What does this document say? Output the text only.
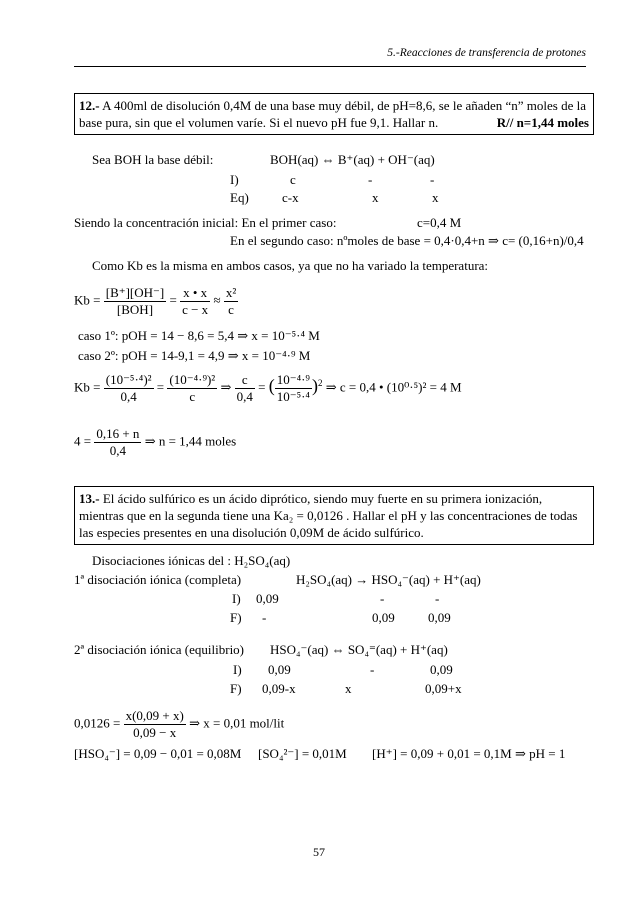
5.-Reacciones de transferencia de protones
12.- A 400ml de disolución 0,4M de una base muy débil, de pH=8,6, se le añaden “n” moles de la base pura, sin que el volumen varíe. Si el nuevo pH fue 9,1. Hallar n.	R// n=1,44 moles
Sea BOH la base débil:	BOH(aq) ⇔ B⁺(aq) + OH⁻(aq)
I)	c	-	-
Eq)	c-x	x	x
Siendo la concentración inicial: En el primer caso:	c=0,4 M
En el segundo caso: nºmoles de base = 0,4·0,4+n ⇒ c= (0,16+n)/0,4
Como Kb es la misma en ambos casos, ya que no ha variado la temperatura:
$Kb = \frac{[B^+][OH^-]}{\text{[BOH]}} = \frac{x • x}{c - x} \approx \frac{\text{x²}}{c}$
caso 1º: pOH = 14 − 8,6 = 5,4 ⇒ x = 10⁻⁵·⁴ M
caso 2º: pOH = 14-9,1 = 4,9 ⇒ x = 10⁻⁴·⁹ M
$Kb = \frac{\text{(10⁻⁵·⁴)²}}{0,4} = \frac{\text{(10⁻⁴·⁹)²}}{c}$ ⇒ $\frac{c}{0,4}$ = ( $\frac{\text{10⁻⁴·⁹}}{\text{10⁻⁵·⁴}} )^2$ ⇒ c = 0,4 • (10⁰·⁵)² = 4 M
$4 = \frac{0,16 + n}{0,4}$ ⇒ n = 1,44 moles
13.- El ácido sulfúrico es un ácido diprótico, siendo muy fuerte en su primera ionización, mientras que en la segunda tiene una Ka₂ = 0,0126 . Hallar el pH y las concentraciones de todas las especies presentes en una disolución 0,09M de ácido sulfúrico.
Disociaciones iónicas del : H₂SO₄(aq)
1ª disociación iónica (completa)	H₂SO₄(aq) → HSO₄⁻(aq) + H⁺(aq)
I) 0,09	-	-
F) -	0,09	0,09
2ª disociación iónica (equilibrio) HSO₄⁻(aq) ⇔ SO₄⁼(aq) + H⁺(aq)
I) 0,09	-	0,09
F) 0,09-x	x	0,09+x
$0,0126 = \frac{x(0,09 + x)}{0,09 - x}$ ⇒ x = 0,01 mol/lit
[HSO₄⁻] = 0,09 − 0,01 = 0,08M [SO₄²⁻] = 0,01M [H⁺] = 0,09 + 0,01 = 0,1M ⇒ pH = 1
57
